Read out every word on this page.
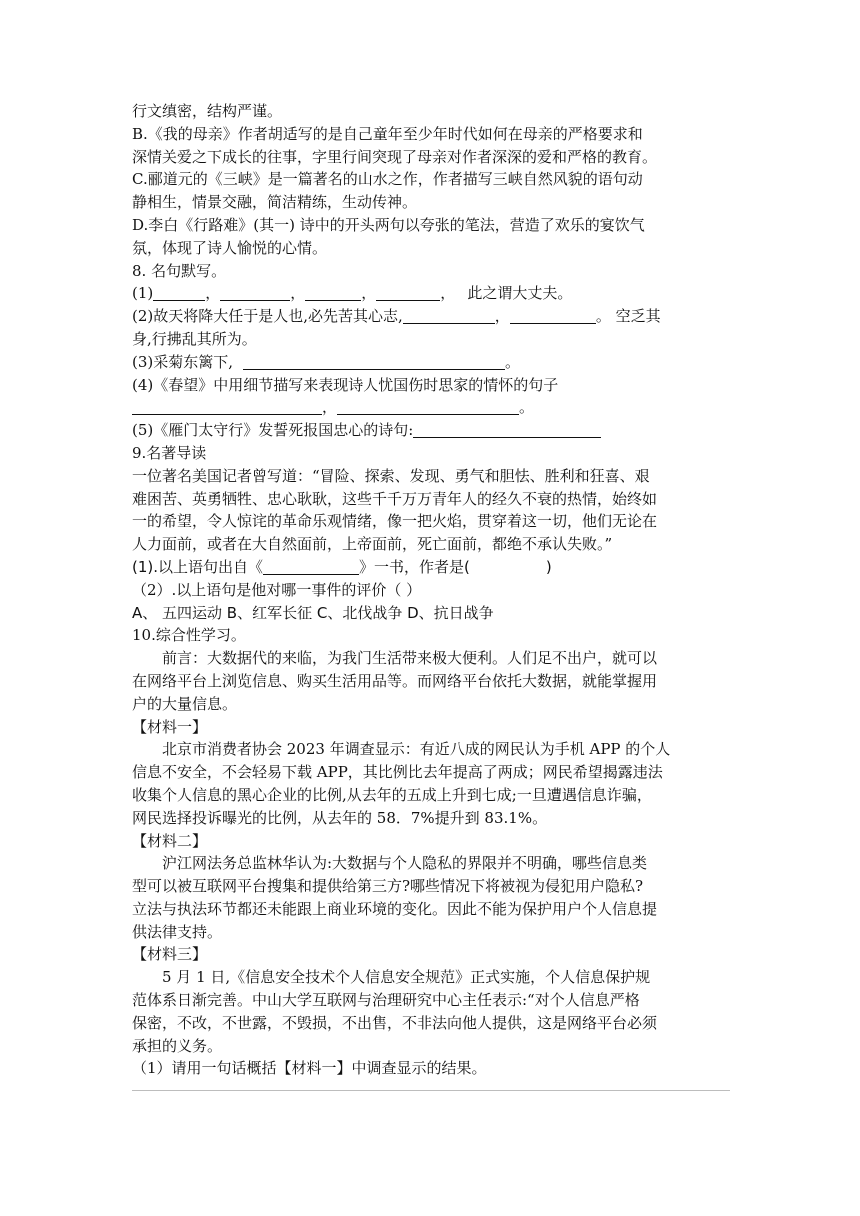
行文缜密，结构严谨。
B.《我的母亲》作者胡适写的是自己童年至少年时代如何在母亲的严格要求和
深情关爱之下成长的往事，字里行间突现了母亲对作者深深的爱和严格的教育。
C.郦道元的《三峡》是一篇著名的山水之作，作者描写三峡自然风貌的语句动
静相生，情景交融，简洁精练，生动传神。
D.李白《行路难》(其一) 诗中的开头两句以夸张的笔法，营造了欢乐的宴饮气
氛，体现了诗人愉悦的心情。
8. 名句默写。
(1)	，	，	，	， 此之谓大丈夫。
(2)故天将降大任于是人也,必先苦其心志,	，	。 空乏其
身,行拂乱其所为。
(3)采菊东篱下,	。
(4)《春望》中用细节描写来表现诗人忧国伤时思家的情怀的句子
，	。
(5)《雁门太守行》发誓死报国忠心的诗句:
9.名著导读
一位著名美国记者曾写道：“冒险、探索、发现、勇气和胆怯、胜利和狂喜、艰
难困苦、英勇牺牲、忠心耿耿，这些千千万万青年人的经久不衰的热情，始终如
一的希望，令人惊诧的革命乐观情绪，像一把火焰，贯穿着这一切，他们无论在
人力面前，或者在大自然面前，上帝面前，死亡面前，都绝不承认失败。”
(1).以上语句出自《	》一书，作者是(	)
（2）.以上语句是他对哪一事件的评价（ ）
A、 五四运动 B、红军长征 C、北伐战争 D、抗日战争
10.综合性学习。
前言：大数据代的来临，为我门生活带来极大便利。人们足不出户，就可以
在网络平台上浏览信息、购买生活用品等。而网络平台依托大数据，就能掌握用
户的大量信息。
【材料一】
北京市消费者协会 2023 年调查显示：有近八成的网民认为手机 APP 的个人
信息不安全，不会轻易下载 APP，其比例比去年提高了两成；网民希望揭露违法
收集个人信息的黑心企业的比例,从去年的五成上升到七成;一旦遭遇信息诈骗，
网民选择投诉曝光的比例，从去年的 58．7%提升到 83.1%。
【材料二】
沪江网法务总监林华认为:大数据与个人隐私的界限并不明确，哪些信息类
型可以被互联网平台搜集和提供给第三方?哪些情况下将被视为侵犯用户隐私?
立法与执法环节都还未能跟上商业环境的变化。因此不能为保护用户个人信息提
供法律支持。
【材料三】
5 月 1 日,《信息安全技术个人信息安全规范》正式实施，个人信息保护规
范体系日渐完善。中山大学互联网与治理研究中心主任表示:“对个人信息严格
保密，不改，不世露，不毁损，不出售，不非法向他人提供，这是网络平台必须
承担的义务。
（1）请用一句话概括【材料一】中调查显示的结果。
